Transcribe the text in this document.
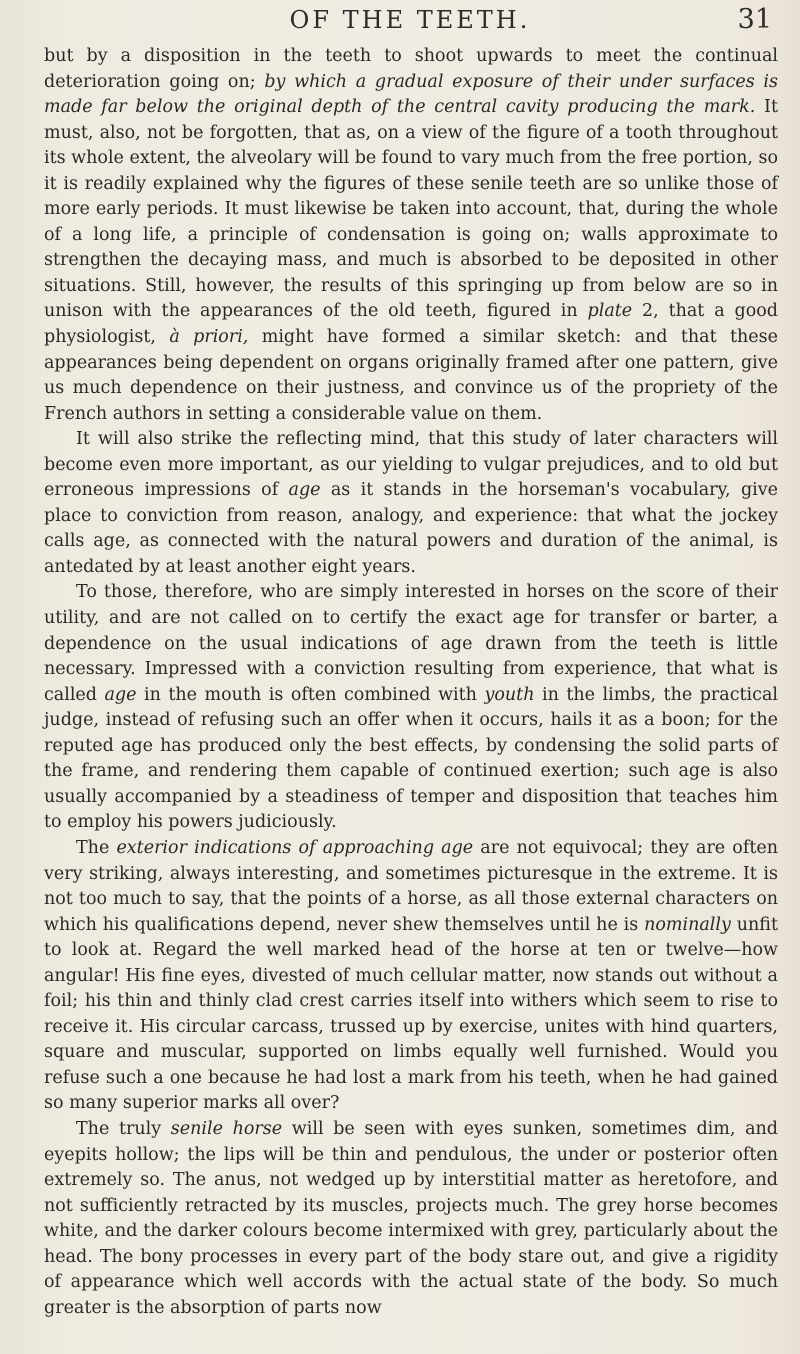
OF THE TEETH.	31

but by a disposition in the teeth to shoot upwards to meet the continual deterioration going on; by which a gradual exposure of their under surfaces is made far below the original depth of the central cavity producing the mark. It must, also, not be forgotten, that as, on a view of the figure of a tooth throughout its whole extent, the alveolary will be found to vary much from the free portion, so it is readily explained why the figures of these senile teeth are so unlike those of more early periods. It must likewise be taken into account, that, during the whole of a long life, a principle of condensation is going on; walls approximate to strengthen the decaying mass, and much is absorbed to be deposited in other situations. Still, however, the results of this springing up from below are so in unison with the appearances of the old teeth, figured in plate 2, that a good physiologist, à priori, might have formed a similar sketch: and that these appearances being dependent on organs originally framed after one pattern, give us much dependence on their justness, and convince us of the propriety of the French authors in setting a considerable value on them.

It will also strike the reflecting mind, that this study of later characters will become even more important, as our yielding to vulgar prejudices, and to old but erroneous impressions of age as it stands in the horseman's vocabulary, give place to conviction from reason, analogy, and experience: that what the jockey calls age, as connected with the natural powers and duration of the animal, is antedated by at least another eight years.

To those, therefore, who are simply interested in horses on the score of their utility, and are not called on to certify the exact age for transfer or barter, a dependence on the usual indications of age drawn from the teeth is little necessary. Impressed with a conviction resulting from experience, that what is called age in the mouth is often combined with youth in the limbs, the practical judge, instead of refusing such an offer when it occurs, hails it as a boon; for the reputed age has produced only the best effects, by condensing the solid parts of the frame, and rendering them capable of continued exertion; such age is also usually accompanied by a steadiness of temper and disposition that teaches him to employ his powers judiciously.

The exterior indications of approaching age are not equivocal; they are often very striking, always interesting, and sometimes picturesque in the extreme. It is not too much to say, that the points of a horse, as all those external characters on which his qualifications depend, never shew themselves until he is nominally unfit to look at. Regard the well marked head of the horse at ten or twelve—how angular! His fine eyes, divested of much cellular matter, now stands out without a foil; his thin and thinly clad crest carries itself into withers which seem to rise to receive it. His circular carcass, trussed up by exercise, unites with hind quarters, square and muscular, supported on limbs equally well furnished. Would you refuse such a one because he had lost a mark from his teeth, when he had gained so many superior marks all over?

The truly senile horse will be seen with eyes sunken, sometimes dim, and eyepits hollow; the lips will be thin and pendulous, the under or posterior often extremely so. The anus, not wedged up by interstitial matter as heretofore, and not sufficiently retracted by its muscles, projects much. The grey horse becomes white, and the darker colours become intermixed with grey, particularly about the head. The bony processes in every part of the body stare out, and give a rigidity of appearance which well accords with the actual state of the body. So much greater is the absorption of parts now
